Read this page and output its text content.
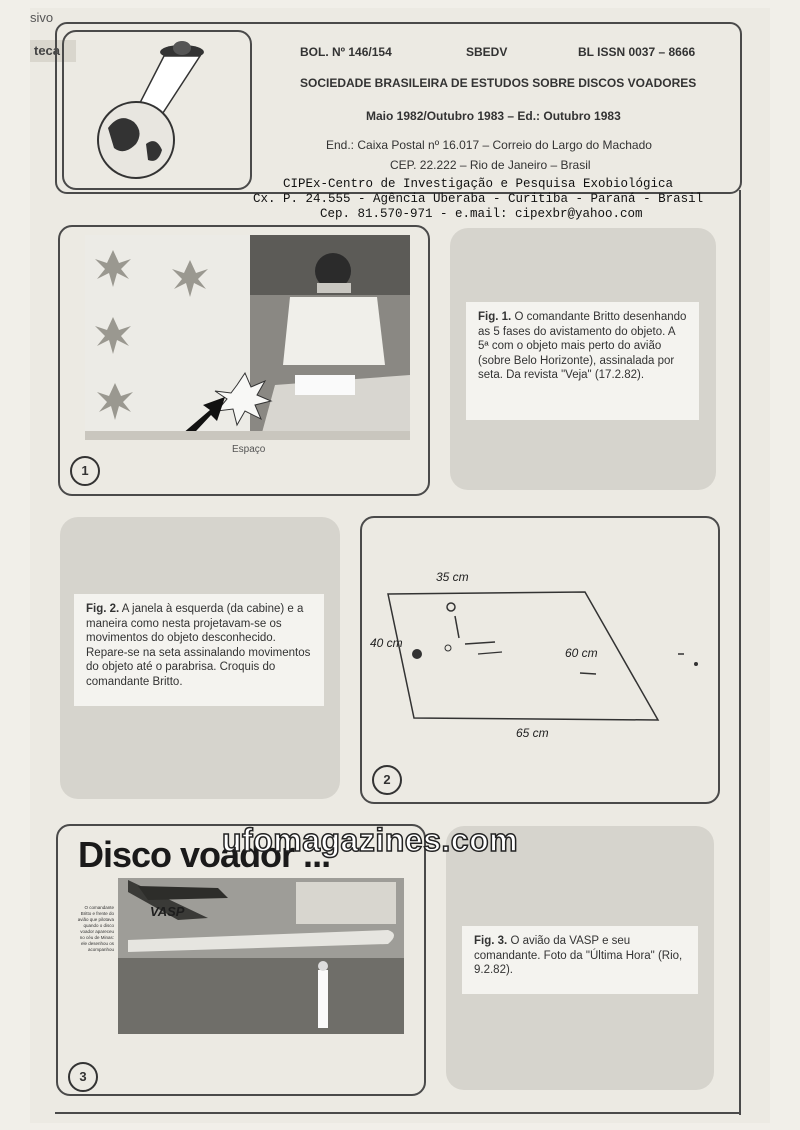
sivo
teca	BOL. Nº 146/154	SBEDV	BL ISSN 0037 – 8666
SOCIEDADE BRASILEIRA DE ESTUDOS SOBRE DISCOS VOADORES
Maio 1982/Outubro 1983 – Ed.: Outubro 1983
End.: Caixa Postal nº 16.017 – Correio do Largo do Machado
CEP. 22.222 – Rio de Janeiro – Brasil
CIPEx-Centro de Investigação e Pesquisa Exobiológica
Cx. P. 24.555 - Agência Uberaba - Curitiba - Paraná - Brasil
Cep. 81.570-971 - e.mail: cipexbr@yahoo.com
1
Espaço
Fig. 1. O comandante Britto desenhando as 5 fases do avistamento do objeto. A 5ª com o objeto mais perto do avião (sobre Belo Horizonte), assinalada por seta. Da revista "Veja" (17.2.82).
Fig. 2. A janela à esquerda (da cabine) e a maneira como nesta projetavam-se os movimentos do objeto desconhecido. Repare-se na seta assinalando movimentos do objeto até o parabrisa. Croquis do comandante Britto.
35 cm
40 cm
60 cm
65 cm
2
Disco voador ...
O comandante Britto e frente do avião que pilotava quando o disco voador apareceu no céu de Minas: ele desenhou os acompanhou
VASP
3
Fig. 3. O avião da VASP e seu comandante. Foto da "Última Hora" (Rio, 9.2.82).
ufomagazines.com
